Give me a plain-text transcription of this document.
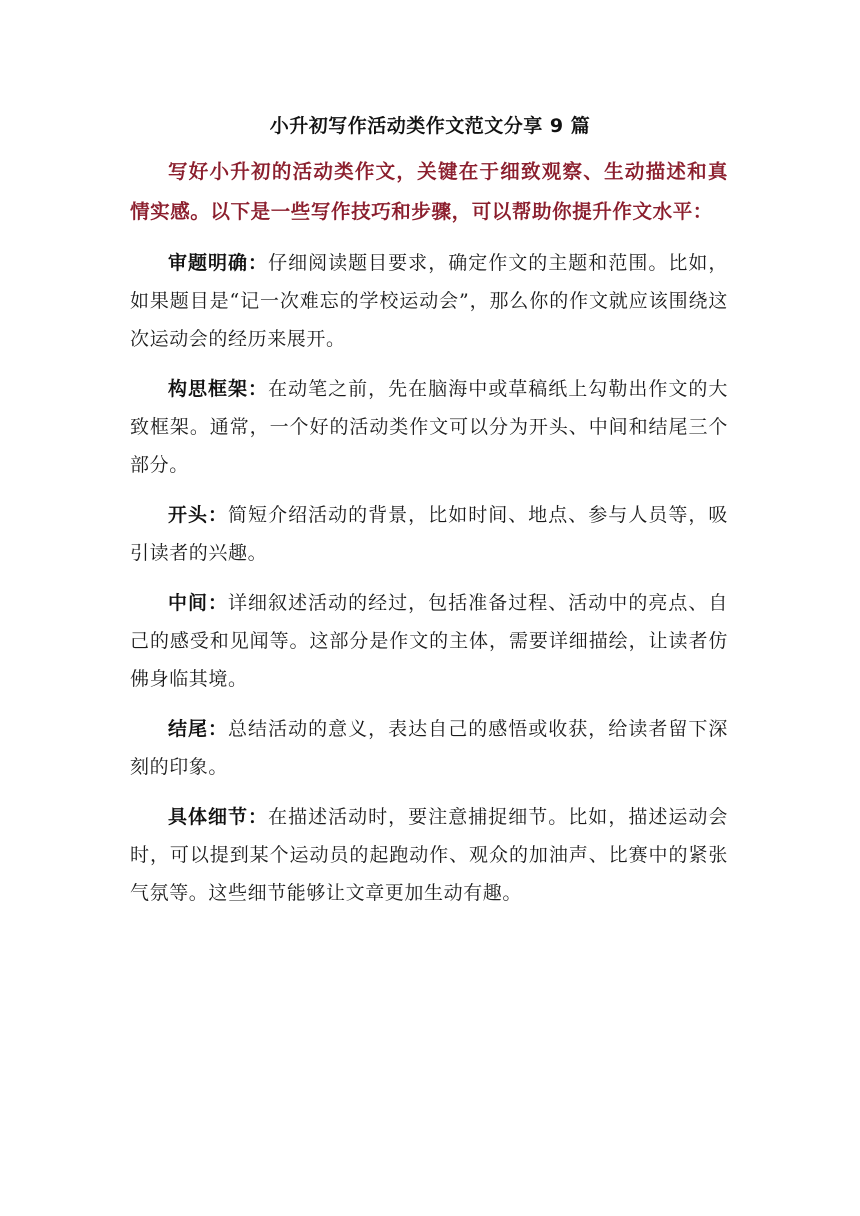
小升初写作活动类作文范文分享 9 篇

写好小升初的活动类作文，关键在于细致观察、生动描述和真情实感。以下是一些写作技巧和步骤，可以帮助你提升作文水平：

审题明确：仔细阅读题目要求，确定作文的主题和范围。比如，如果题目是“记一次难忘的学校运动会”，那么你的作文就应该围绕这次运动会的经历来展开。

构思框架：在动笔之前，先在脑海中或草稿纸上勾勒出作文的大致框架。通常，一个好的活动类作文可以分为开头、中间和结尾三个部分。

开头：简短介绍活动的背景，比如时间、地点、参与人员等，吸引读者的兴趣。

中间：详细叙述活动的经过，包括准备过程、活动中的亮点、自己的感受和见闻等。这部分是作文的主体，需要详细描绘，让读者仿佛身临其境。

结尾：总结活动的意义，表达自己的感悟或收获，给读者留下深刻的印象。

具体细节：在描述活动时，要注意捕捉细节。比如，描述运动会时，可以提到某个运动员的起跑动作、观众的加油声、比赛中的紧张气氛等。这些细节能够让文章更加生动有趣。
